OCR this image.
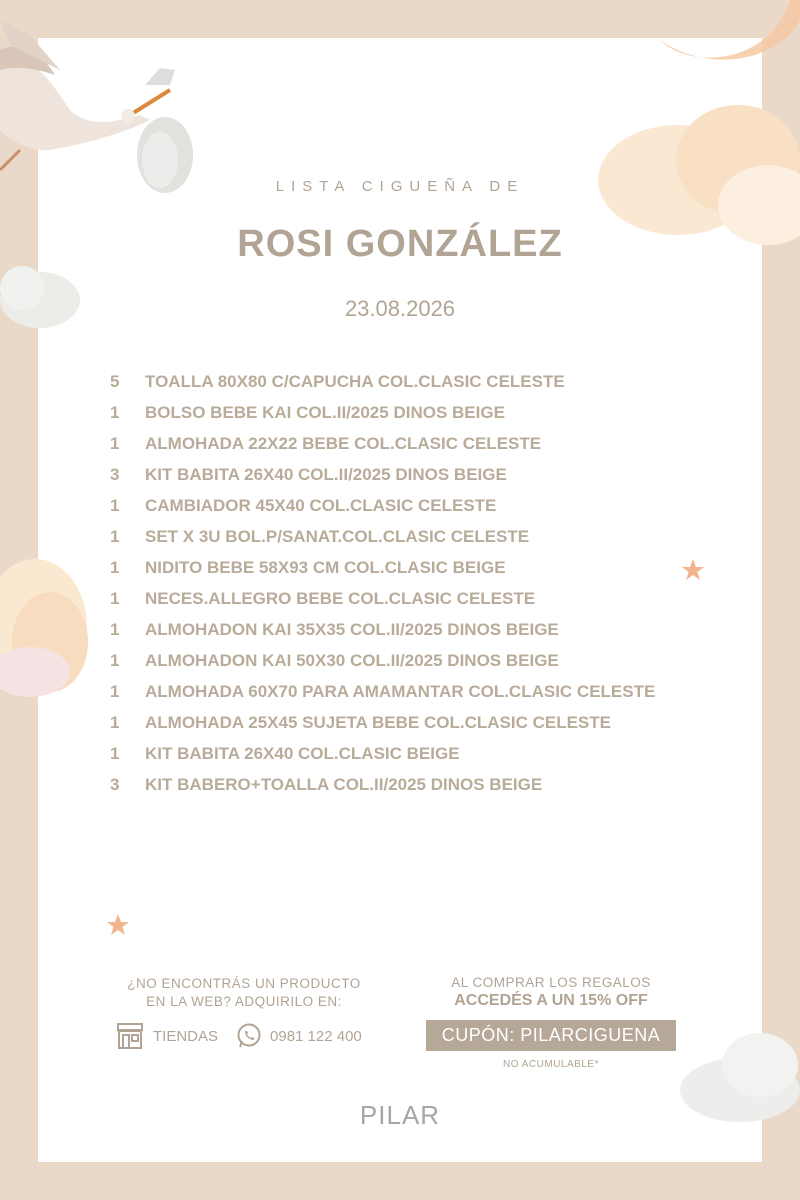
LISTA CIGUEÑA DE
ROSI GONZÁLEZ
23.08.2026
5	TOALLA 80X80 C/CAPUCHA COL.CLASIC CELESTE
1	BOLSO BEBE KAI COL.II/2025 DINOS BEIGE
1	ALMOHADA 22X22 BEBE COL.CLASIC CELESTE
3	KIT BABITA 26X40 COL.II/2025 DINOS BEIGE
1	CAMBIADOR 45X40 COL.CLASIC CELESTE
1	SET X 3U BOL.P/SANAT.COL.CLASIC CELESTE
1	NIDITO BEBE 58X93 CM COL.CLASIC BEIGE
1	NECES.ALLEGRO BEBE COL.CLASIC CELESTE
1	ALMOHADON KAI 35X35 COL.II/2025 DINOS BEIGE
1	ALMOHADON KAI 50X30 COL.II/2025 DINOS BEIGE
1	ALMOHADA 60X70 PARA AMAMANTAR COL.CLASIC CELESTE
1	ALMOHADA 25X45 SUJETA BEBE COL.CLASIC CELESTE
1	KIT BABITA 26X40 COL.CLASIC BEIGE
3	KIT BABERO+TOALLA COL.II/2025 DINOS BEIGE
¿NO ENCONTRÁS UN PRODUCTO
EN LA WEB? ADQUIRILO EN:
TIENDAS	0981 122 400
AL COMPRAR LOS REGALOS
ACCEDÉS A UN 15% OFF
CUPÓN: PILARCIGUENA
NO ACUMULABLE*
PILAR
